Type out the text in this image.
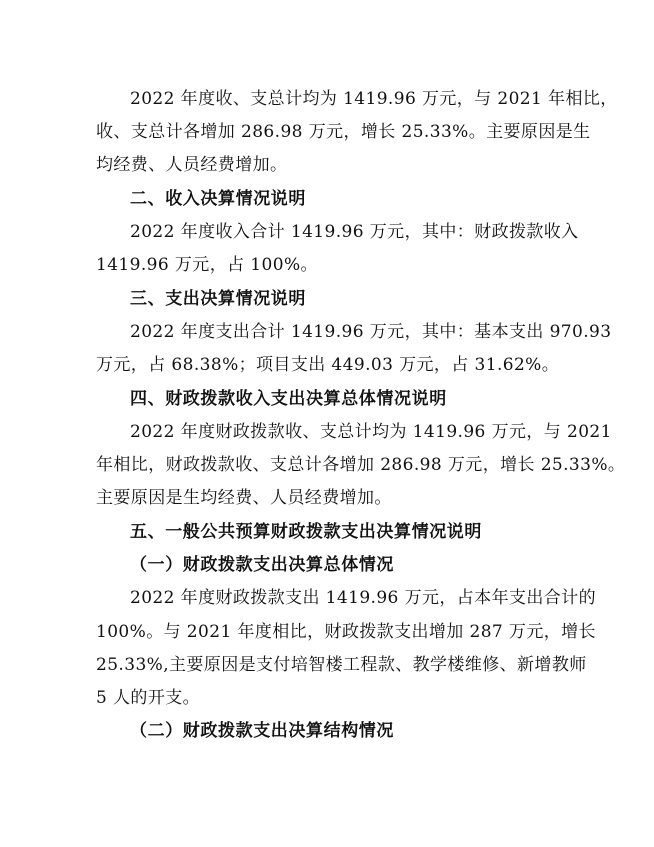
2022 年度收、支总计均为 1419.96 万元，与 2021 年相比，
收、支总计各增加 286.98 万元，增长 25.33%。主要原因是生
均经费、人员经费增加。
二、收入决算情况说明
2022 年度收入合计 1419.96 万元，其中：财政拨款收入
1419.96 万元，占 100%。
三、支出决算情况说明
2022 年度支出合计 1419.96 万元，其中：基本支出 970.93
万元，占 68.38%；项目支出 449.03 万元，占 31.62%。
四、财政拨款收入支出决算总体情况说明
2022 年度财政拨款收、支总计均为 1419.96 万元，与 2021
年相比，财政拨款收、支总计各增加 286.98 万元，增长 25.33%。
主要原因是生均经费、人员经费增加。
五、一般公共预算财政拨款支出决算情况说明
（一）财政拨款支出决算总体情况
2022 年度财政拨款支出 1419.96 万元，占本年支出合计的
100%。与 2021 年度相比，财政拨款支出增加 287 万元，增长
25.33%,主要原因是支付培智楼工程款、教学楼维修、新增教师
5 人的开支。
（二）财政拨款支出决算结构情况
